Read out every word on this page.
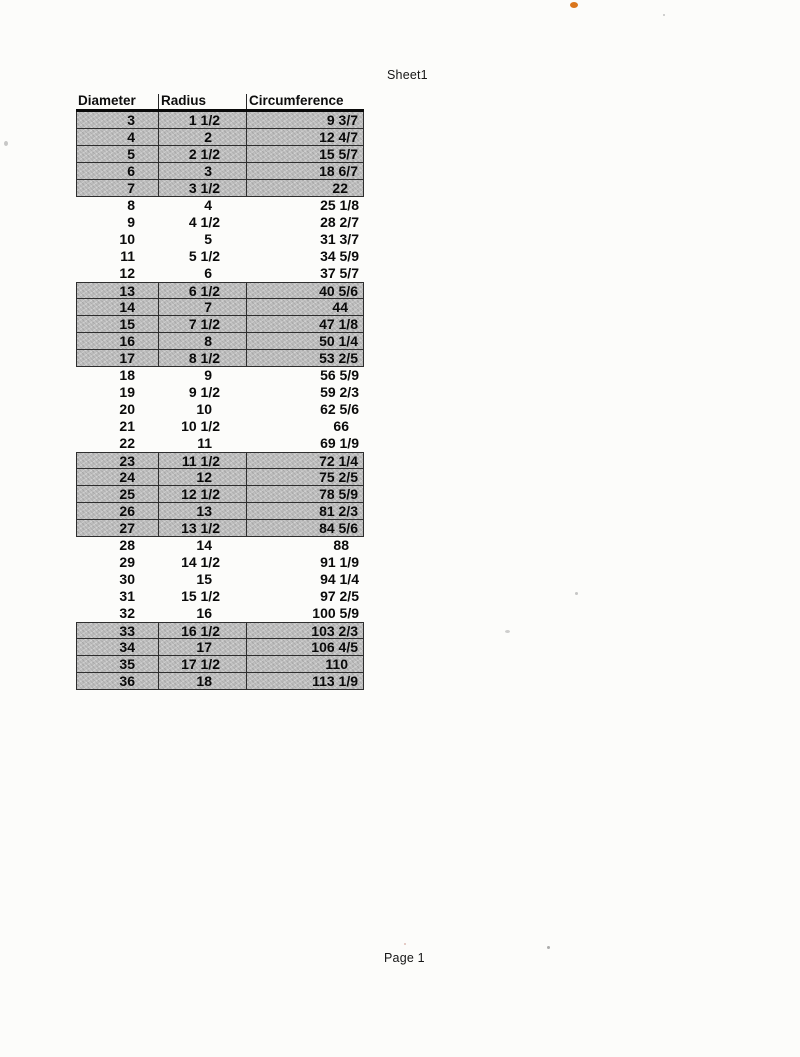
Sheet1
Diameter	Radius	Circumference
3	1 1/2	9 3/7
4	2	12 4/7
5	2 1/2	15 5/7
6	3	18 6/7
7	3 1/2	22
8	4	25 1/8
9	4 1/2	28 2/7
10	5	31 3/7
11	5 1/2	34 5/9
12	6	37 5/7
13	6 1/2	40 5/6
14	7	44
15	7 1/2	47 1/8
16	8	50 1/4
17	8 1/2	53 2/5
18	9	56 5/9
19	9 1/2	59 2/3
20	10	62 5/6
21	10 1/2	66
22	11	69 1/9
23	11 1/2	72 1/4
24	12	75 2/5
25	12 1/2	78 5/9
26	13	81 2/3
27	13 1/2	84 5/6
28	14	88
29	14 1/2	91 1/9
30	15	94 1/4
31	15 1/2	97 2/5
32	16	100 5/9
33	16 1/2	103 2/3
34	17	106 4/5
35	17 1/2	110
36	18	113 1/9
Page 1
